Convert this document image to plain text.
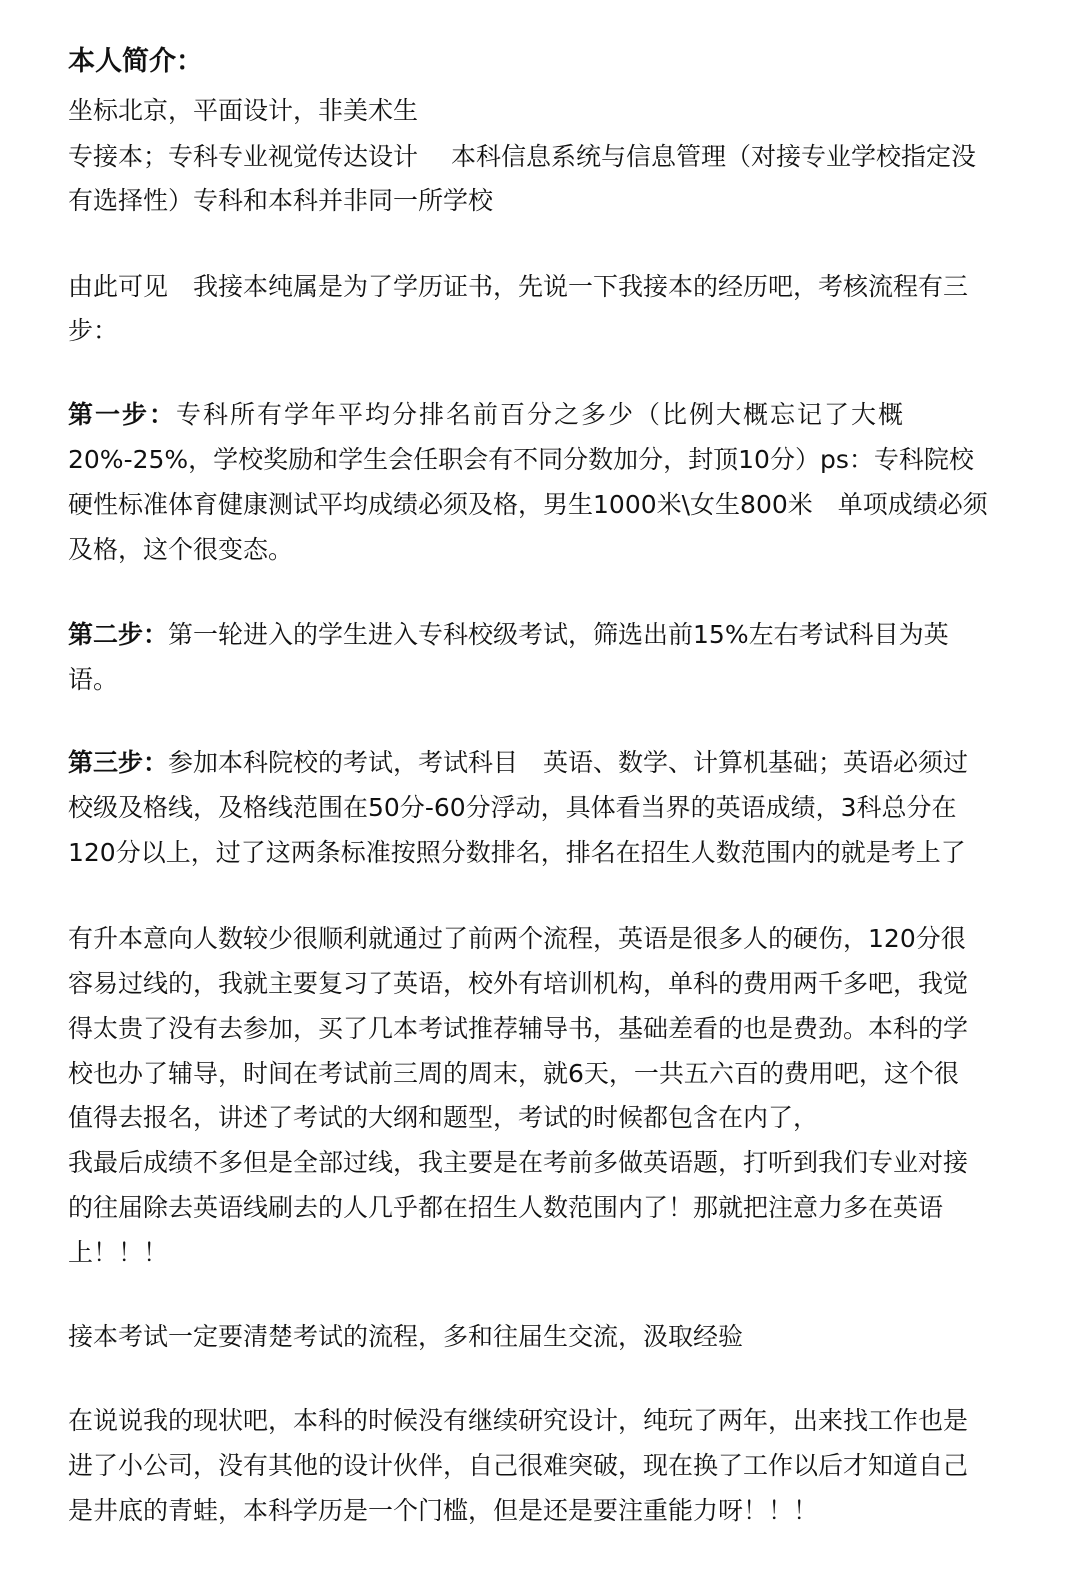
本人简介：
坐标北京，平面设计，非美术生
专接本；专科专业视觉传达设计　 本科信息系统与信息管理（对接专业学校指定没
有选择性）专科和本科并非同一所学校
由此可见　我接本纯属是为了学历证书，先说一下我接本的经历吧，考核流程有三
步：
第一步：专科所有学年平均分排名前百分之多少（比例大概忘记了大概
20%-25%，学校奖励和学生会任职会有不同分数加分，封顶10分）ps：专科院校
硬性标准体育健康测试平均成绩必须及格，男生1000米\女生800米　单项成绩必须
及格，这个很变态。
第二步：第一轮进入的学生进入专科校级考试，筛选出前15%左右考试科目为英
语。
第三步：参加本科院校的考试，考试科目　英语、数学、计算机基础；英语必须过
校级及格线，及格线范围在50分-60分浮动，具体看当界的英语成绩，3科总分在
120分以上，过了这两条标准按照分数排名，排名在招生人数范围内的就是考上了
有升本意向人数较少很顺利就通过了前两个流程，英语是很多人的硬伤，120分很
容易过线的，我就主要复习了英语，校外有培训机构，单科的费用两千多吧，我觉
得太贵了没有去参加，买了几本考试推荐辅导书，基础差看的也是费劲。本科的学
校也办了辅导，时间在考试前三周的周末，就6天，一共五六百的费用吧，这个很
值得去报名，讲述了考试的大纲和题型，考试的时候都包含在内了，
我最后成绩不多但是全部过线，我主要是在考前多做英语题，打听到我们专业对接
的往届除去英语线刷去的人几乎都在招生人数范围内了！那就把注意力多在英语
上！！！
接本考试一定要清楚考试的流程，多和往届生交流，汲取经验
在说说我的现状吧，本科的时候没有继续研究设计，纯玩了两年，出来找工作也是
进了小公司，没有其他的设计伙伴，自己很难突破，现在换了工作以后才知道自己
是井底的青蛙，本科学历是一个门槛，但是还是要注重能力呀！！！
